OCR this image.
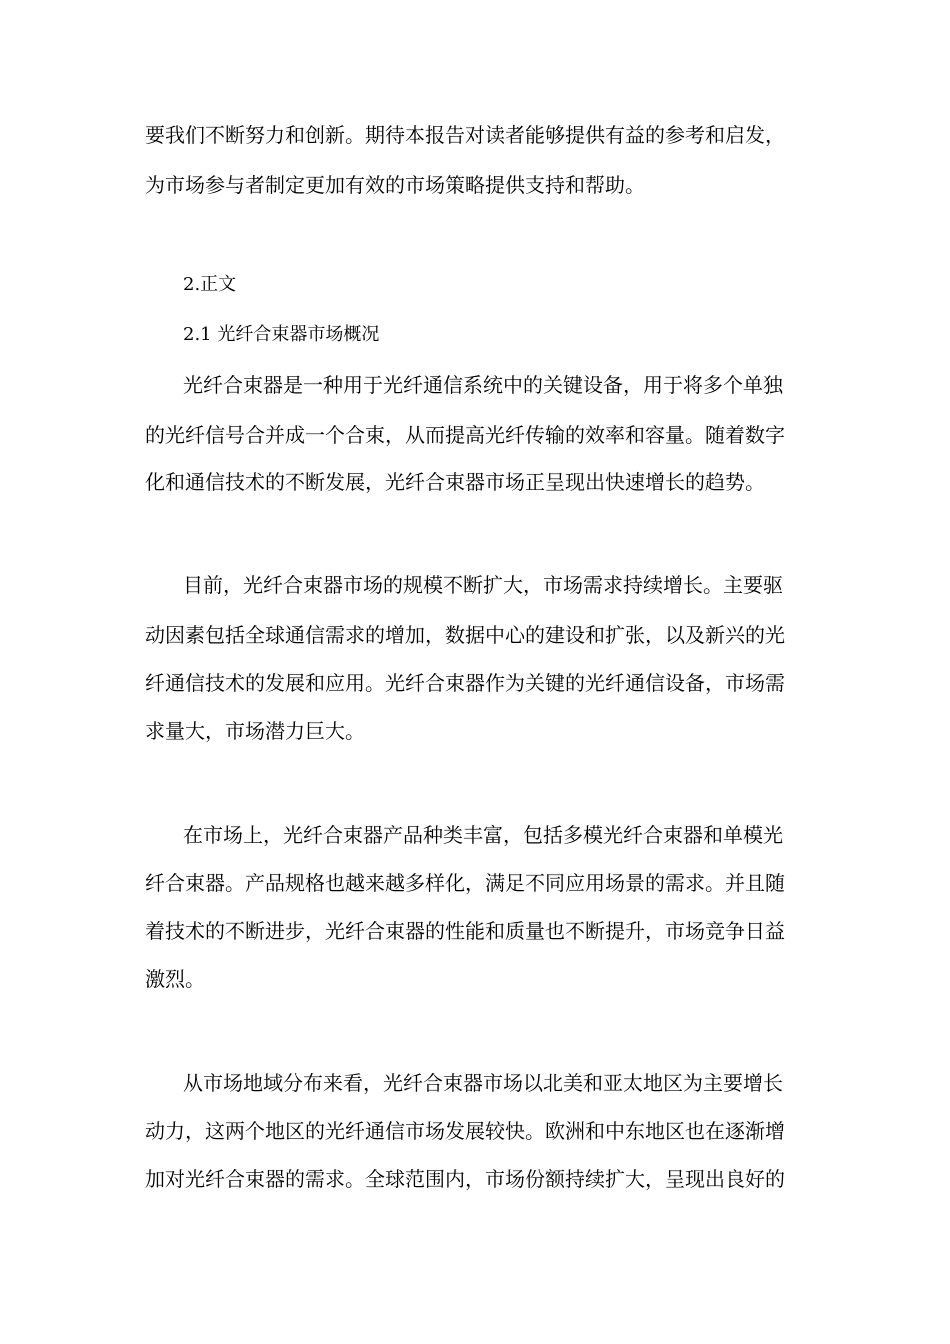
要我们不断努力和创新。期待本报告对读者能够提供有益的参考和启发，
为市场参与者制定更加有效的市场策略提供支持和帮助。
2.正文
2.1 光纤合束器市场概况
光纤合束器是一种用于光纤通信系统中的关键设备，用于将多个单独
的光纤信号合并成一个合束，从而提高光纤传输的效率和容量。随着数字
化和通信技术的不断发展，光纤合束器市场正呈现出快速增长的趋势。
目前，光纤合束器市场的规模不断扩大，市场需求持续增长。主要驱
动因素包括全球通信需求的增加，数据中心的建设和扩张，以及新兴的光
纤通信技术的发展和应用。光纤合束器作为关键的光纤通信设备，市场需
求量大，市场潜力巨大。
在市场上，光纤合束器产品种类丰富，包括多模光纤合束器和单模光
纤合束器。产品规格也越来越多样化，满足不同应用场景的需求。并且随
着技术的不断进步，光纤合束器的性能和质量也不断提升，市场竞争日益
激烈。
从市场地域分布来看，光纤合束器市场以北美和亚太地区为主要增长
动力，这两个地区的光纤通信市场发展较快。欧洲和中东地区也在逐渐增
加对光纤合束器的需求。全球范围内，市场份额持续扩大，呈现出良好的
